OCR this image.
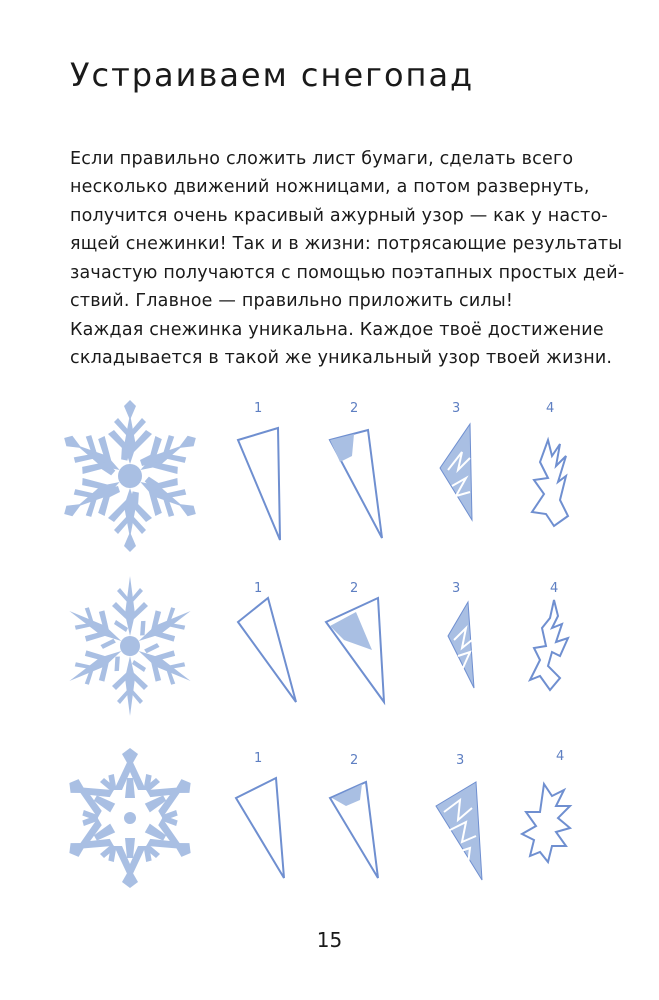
Устраиваем снегопад
Если правильно сложить лист бумаги, сделать всего
несколько движений ножницами, а потом развернуть,
получится очень красивый ажурный узор — как у насто-
ящей снежинки! Так и в жизни: потрясающие результаты
зачастую получаются с помощью поэтапных простых дей-
ствий. Главное — правильно приложить силы!
Каждая снежинка уникальна. Каждое твоё достижение
складывается в такой же уникальный узор твоей жизни.
1	2	3	4
1	2	3	4
1	2	3	4
15
